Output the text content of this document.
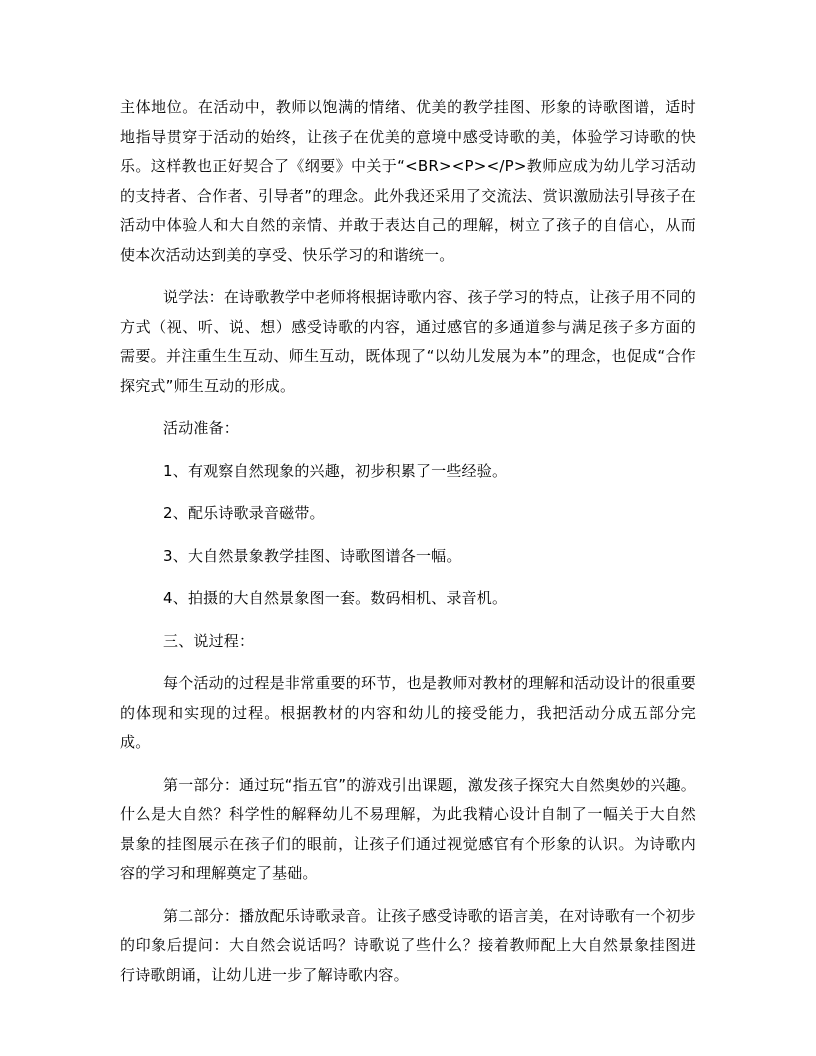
主体地位。在活动中，教师以饱满的情绪、优美的教学挂图、形象的诗歌图谱，适时地指导贯穿于活动的始终，让孩子在优美的意境中感受诗歌的美，体验学习诗歌的快乐。这样教也正好契合了《纲要》中关于“<BR><P></P>教师应成为幼儿学习活动的支持者、合作者、引导者”的理念。此外我还采用了交流法、赏识激励法引导孩子在活动中体验人和大自然的亲情、并敢于表达自己的理解，树立了孩子的自信心，从而使本次活动达到美的享受、快乐学习的和谐统一。

说学法：在诗歌教学中老师将根据诗歌内容、孩子学习的特点，让孩子用不同的方式（视、听、说、想）感受诗歌的内容，通过感官的多通道参与满足孩子多方面的需要。并注重生生互动、师生互动，既体现了“以幼儿发展为本”的理念，也促成“合作探究式”师生互动的形成。

活动准备：

1、有观察自然现象的兴趣，初步积累了一些经验。

2、配乐诗歌录音磁带。

3、大自然景象教学挂图、诗歌图谱各一幅。

4、拍摄的大自然景象图一套。数码相机、录音机。

三、说过程：

每个活动的过程是非常重要的环节，也是教师对教材的理解和活动设计的很重要的体现和实现的过程。根据教材的内容和幼儿的接受能力，我把活动分成五部分完成。

第一部分：通过玩“指五官”的游戏引出课题，激发孩子探究大自然奥妙的兴趣。什么是大自然？科学性的解释幼儿不易理解，为此我精心设计自制了一幅关于大自然景象的挂图展示在孩子们的眼前，让孩子们通过视觉感官有个形象的认识。为诗歌内容的学习和理解奠定了基础。

第二部分：播放配乐诗歌录音。让孩子感受诗歌的语言美，在对诗歌有一个初步的印象后提问：大自然会说话吗？诗歌说了些什么？接着教师配上大自然景象挂图进行诗歌朗诵，让幼儿进一步了解诗歌内容。
